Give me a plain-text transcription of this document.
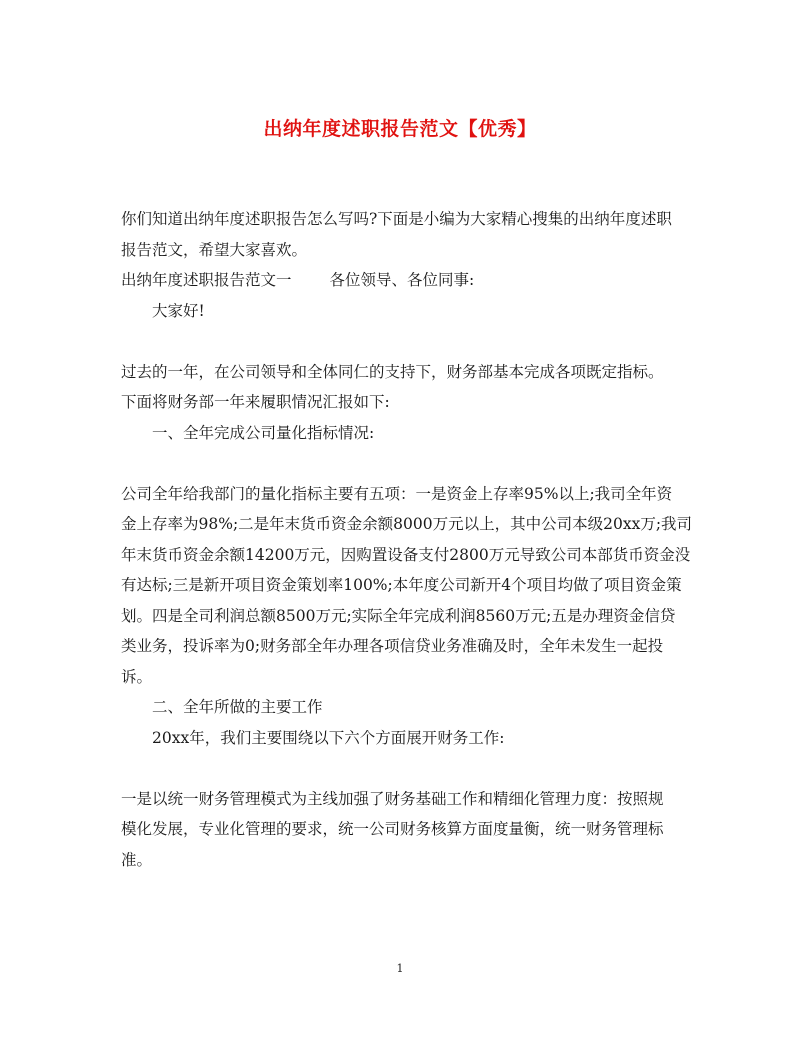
出纳年度述职报告范文【优秀】
你们知道出纳年度述职报告怎么写吗?下面是小编为大家精心搜集的出纳年度述职
报告范文，希望大家喜欢。
出纳年度述职报告范文一 各位领导、各位同事:
大家好!
过去的一年，在公司领导和全体同仁的支持下，财务部基本完成各项既定指标。
下面将财务部一年来履职情况汇报如下:
一、全年完成公司量化指标情况:
公司全年给我部门的量化指标主要有五项：一是资金上存率95%以上;我司全年资
金上存率为98%;二是年末货币资金余额8000万元以上，其中公司本级20xx万;我司
年末货币资金余额14200万元，因购置设备支付2800万元导致公司本部货币资金没
有达标;三是新开项目资金策划率100%;本年度公司新开4个项目均做了项目资金策
划。四是全司利润总额8500万元;实际全年完成利润8560万元;五是办理资金信贷
类业务，投诉率为0;财务部全年办理各项信贷业务准确及时，全年未发生一起投
诉。
二、全年所做的主要工作
20xx年，我们主要围绕以下六个方面展开财务工作:
一是以统一财务管理模式为主线加强了财务基础工作和精细化管理力度：按照规
模化发展，专业化管理的要求，统一公司财务核算方面度量衡，统一财务管理标
准。
1
